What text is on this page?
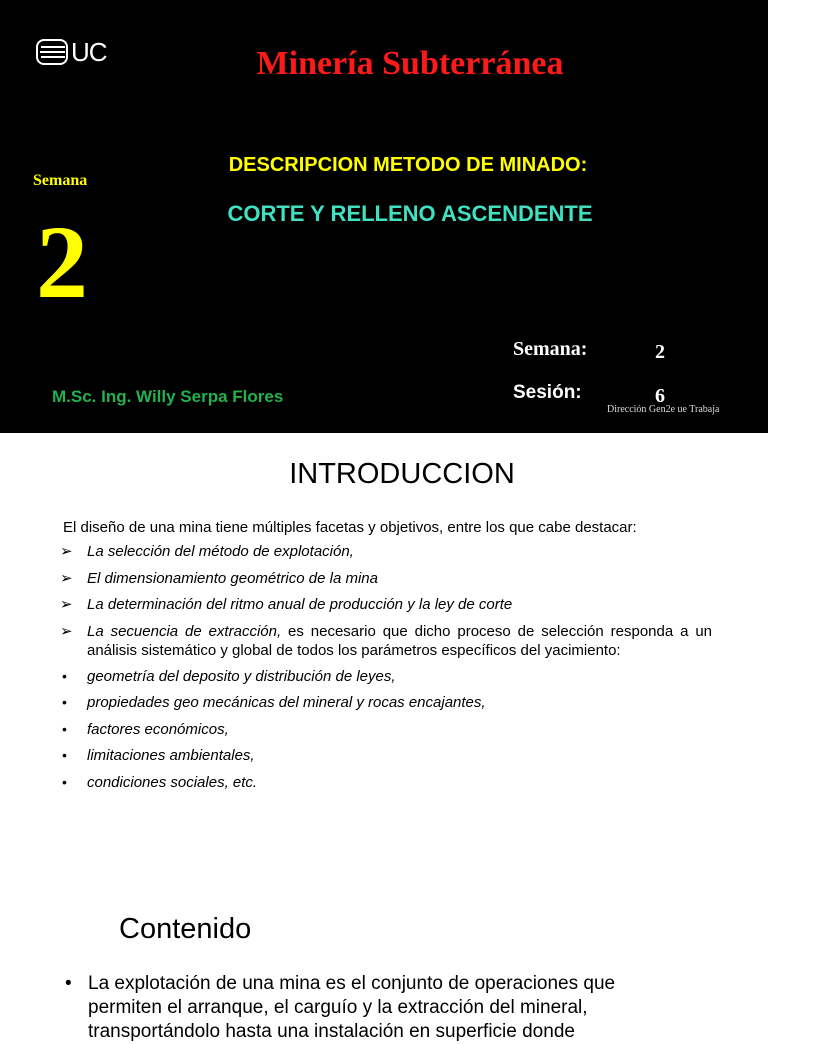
UC	Minería Subterránea
Semana
2
DESCRIPCION METODO DE MINADO:
CORTE Y RELLENO ASCENDENTE
M.Sc. Ing. Willy Serpa Flores
Semana:	2
Sesión:	6
Dirección Gen2e ue Trabaja
INTRODUCCION
El diseño de una mina tiene múltiples facetas y objetivos, entre los que cabe destacar:
➢ La selección del método de explotación,
➢ El dimensionamiento geométrico de la mina
➢ La determinación del ritmo anual de producción y la ley de corte
➢ La secuencia de extracción, es necesario que dicho proceso de selección responda a un análisis sistemático y global de todos los parámetros específicos del yacimiento:
•	geometría del deposito y distribución de leyes,
•	propiedades geo mecánicas del mineral y rocas encajantes,
•	factores económicos,
•	limitaciones ambientales,
•	condiciones sociales, etc.
Contenido
• La explotación de una mina es el conjunto de operaciones que permiten el arranque, el carguío y la extracción del mineral, transportándolo hasta una instalación en superficie donde
